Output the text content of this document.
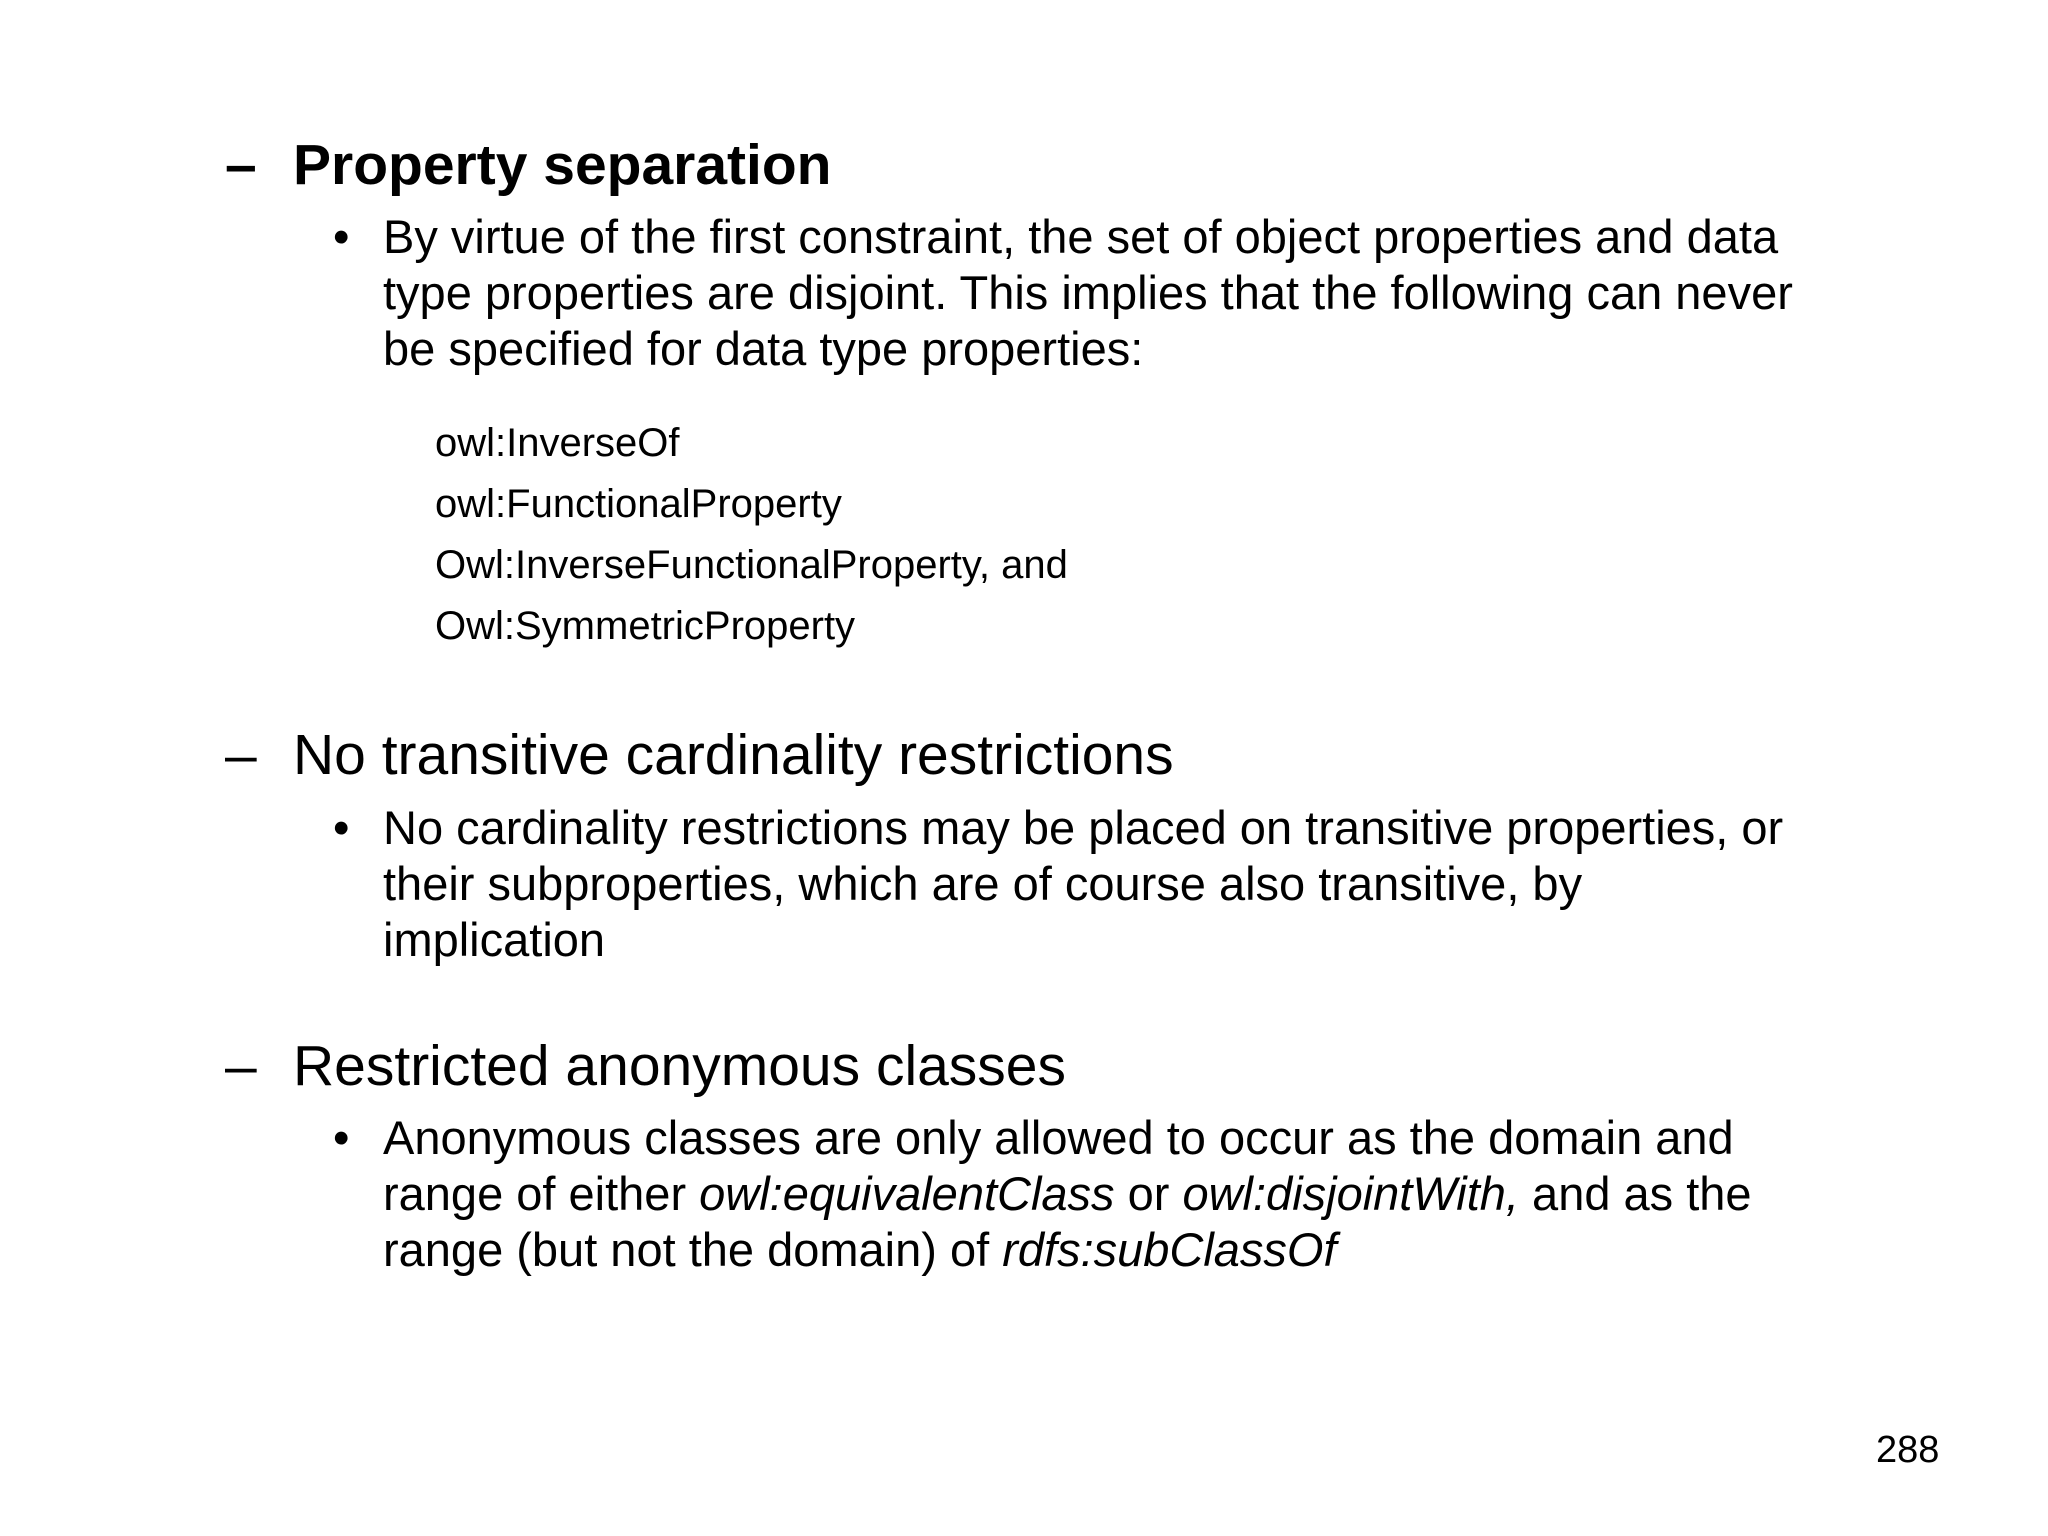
– Property separation
• By virtue of the first constraint, the set of object properties and data
type properties are disjoint. This implies that the following can never
be specified for data type properties:
owl:InverseOf
owl:FunctionalProperty
Owl:InverseFunctionalProperty, and
Owl:SymmetricProperty
– No transitive cardinality restrictions
• No cardinality restrictions may be placed on transitive properties, or
their subproperties, which are of course also transitive, by
implication
– Restricted anonymous classes
• Anonymous classes are only allowed to occur as the domain and
range of either owl:equivalentClass or owl:disjointWith, and as the
range (but not the domain) of rdfs:subClassOf
288
